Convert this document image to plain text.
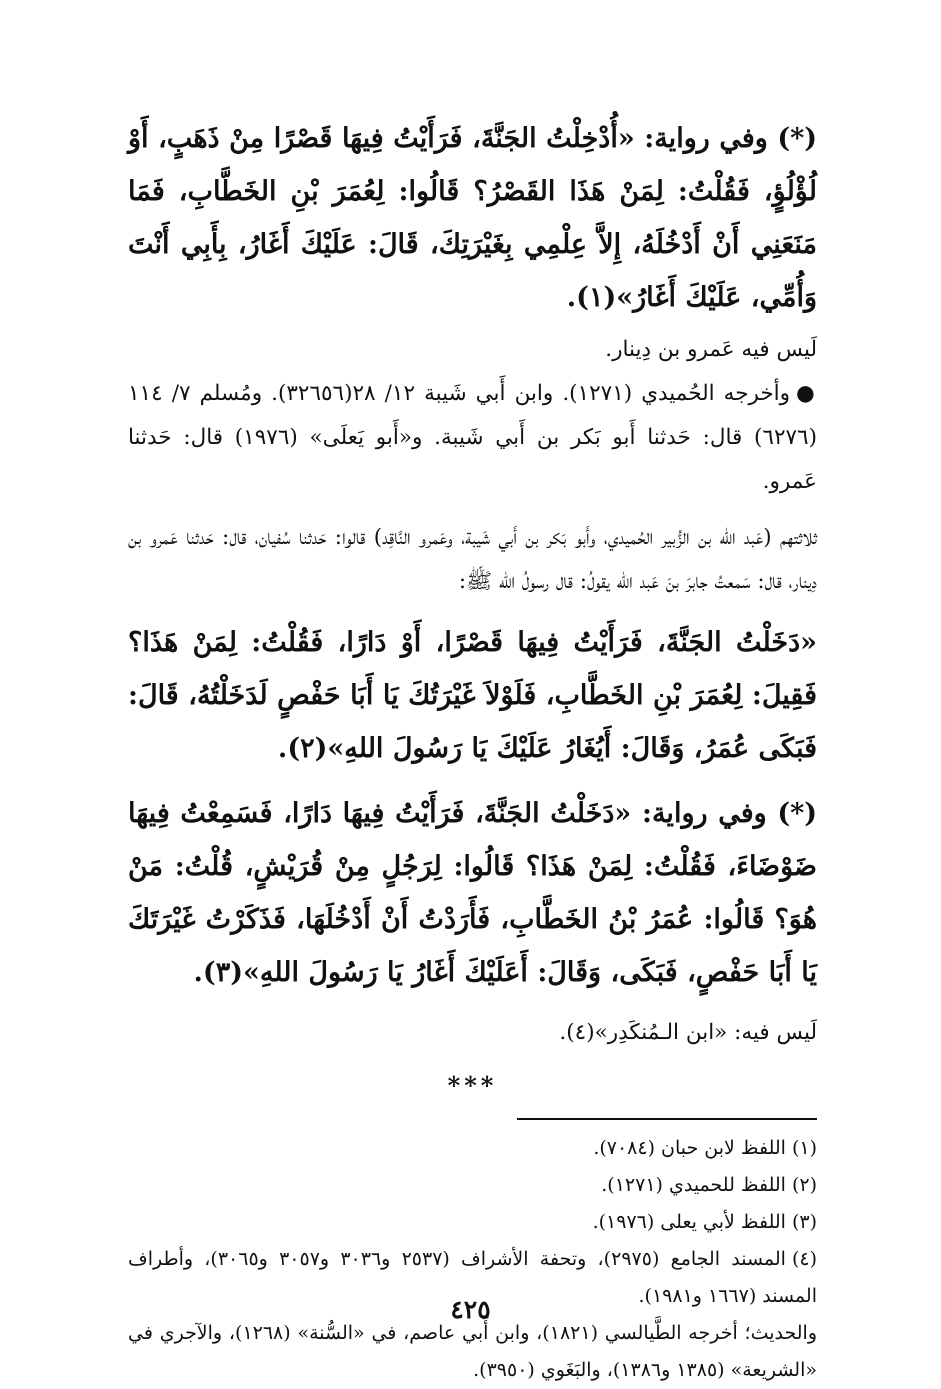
(*) وفي رواية: «أُدْخِلْتُ الجَنَّةَ، فَرَأَيْتُ فِيهَا قَصْرًا مِنْ ذَهَبٍ، أَوْ لُؤْلُؤٍ، فَقُلْتُ: لِمَنْ هَذَا القَصْرُ؟ قَالُوا: لِعُمَرَ بْنِ الخَطَّابِ، فَمَا مَنَعَنِي أَنْ أَدْخُلَهُ، إِلاَّ عِلْمِي بِغَيْرَتِكَ، قَالَ: عَلَيْكَ أَغَارُ، بِأَبِي أَنْتَ وَأُمِّي، عَلَيْكَ أَغَارُ»(١).

لَيس فيه عَمرو بن دِينار.

●وأخرجه الحُميدي (١٢٧١). وابن أَبي شَيبة ١٢/ ٢٨(٣٢٦٥٦). ومُسلم ٧/ ١١٤ (٦٢٧٦) قال: حَدثنا أَبو بَكر بن أَبي شَيبة. و«أَبو يَعلَى» (١٩٧٦) قال: حَدثنا عَمرو.

ثلاثتهم (عَبد الله بن الزُّبير الحُميدي، وأَبو بَكر بن أَبي شَيبة، وعَمرو النَّاقِد) قالوا: حَدثنا سُفيان، قال: حَدثنا عَمرو بن دِينار، قال: سَمعتُ جابرَ بنَ عَبد الله يقولُ: قال رسولُ الله ﷺ:

«دَخَلْتُ الجَنَّةَ، فَرَأَيْتُ فِيهَا قَصْرًا، أَوْ دَارًا، فَقُلْتُ: لِمَنْ هَذَا؟ فَقِيلَ: لِعُمَرَ بْنِ الخَطَّابِ، فَلَوْلاَ غَيْرَتُكَ يَا أَبَا حَفْصٍ لَدَخَلْتُهُ، قَالَ: فَبَكَى عُمَرُ، وَقَالَ: أَيُغَارُ عَلَيْكَ يَا رَسُولَ اللهِ»(٢).

(*) وفي رواية: «دَخَلْتُ الجَنَّةَ، فَرَأَيْتُ فِيهَا دَارًا، فَسَمِعْتُ فِيهَا ضَوْضَاءَ، فَقُلْتُ: لِمَنْ هَذَا؟ قَالُوا: لِرَجُلٍ مِنْ قُرَيْشٍ، قُلْتُ: مَنْ هُوَ؟ قَالُوا: عُمَرُ بْنُ الخَطَّابِ، فَأَرَدْتُ أَنْ أَدْخُلَهَا، فَذَكَرْتُ غَيْرَتَكَ يَا أَبَا حَفْصٍ، فَبَكَى، وَقَالَ: أَعَلَيْكَ أَغَارُ يَا رَسُولَ اللهِ»(٣).

لَيس فيه: «ابن الـمُنكَدِر»(٤).

***

(١)اللفظ لابن حبان (٧٠٨٤).

(٢)اللفظ للحميدي (١٢٧١).

(٣)اللفظ لأبي يعلى (١٩٧٦).

(٤)المسند الجامع (٢٩٧٥)، وتحفة الأشراف (٢٥٣٧ و٣٠٣٦ و٣٠٥٧ و٣٠٦٥)، وأطراف المسند (١٦٦٧ و١٩٨١).

والحديث؛ أخرجه الطَّيالسي (١٨٢١)، وابن أَبي عاصم، في «السُّنة» (١٢٦٨)، والآجري في «الشريعة» (١٣٨٥ و١٣٨٦)، والبَغَوي (٣٩٥٠).

٤٢٥
